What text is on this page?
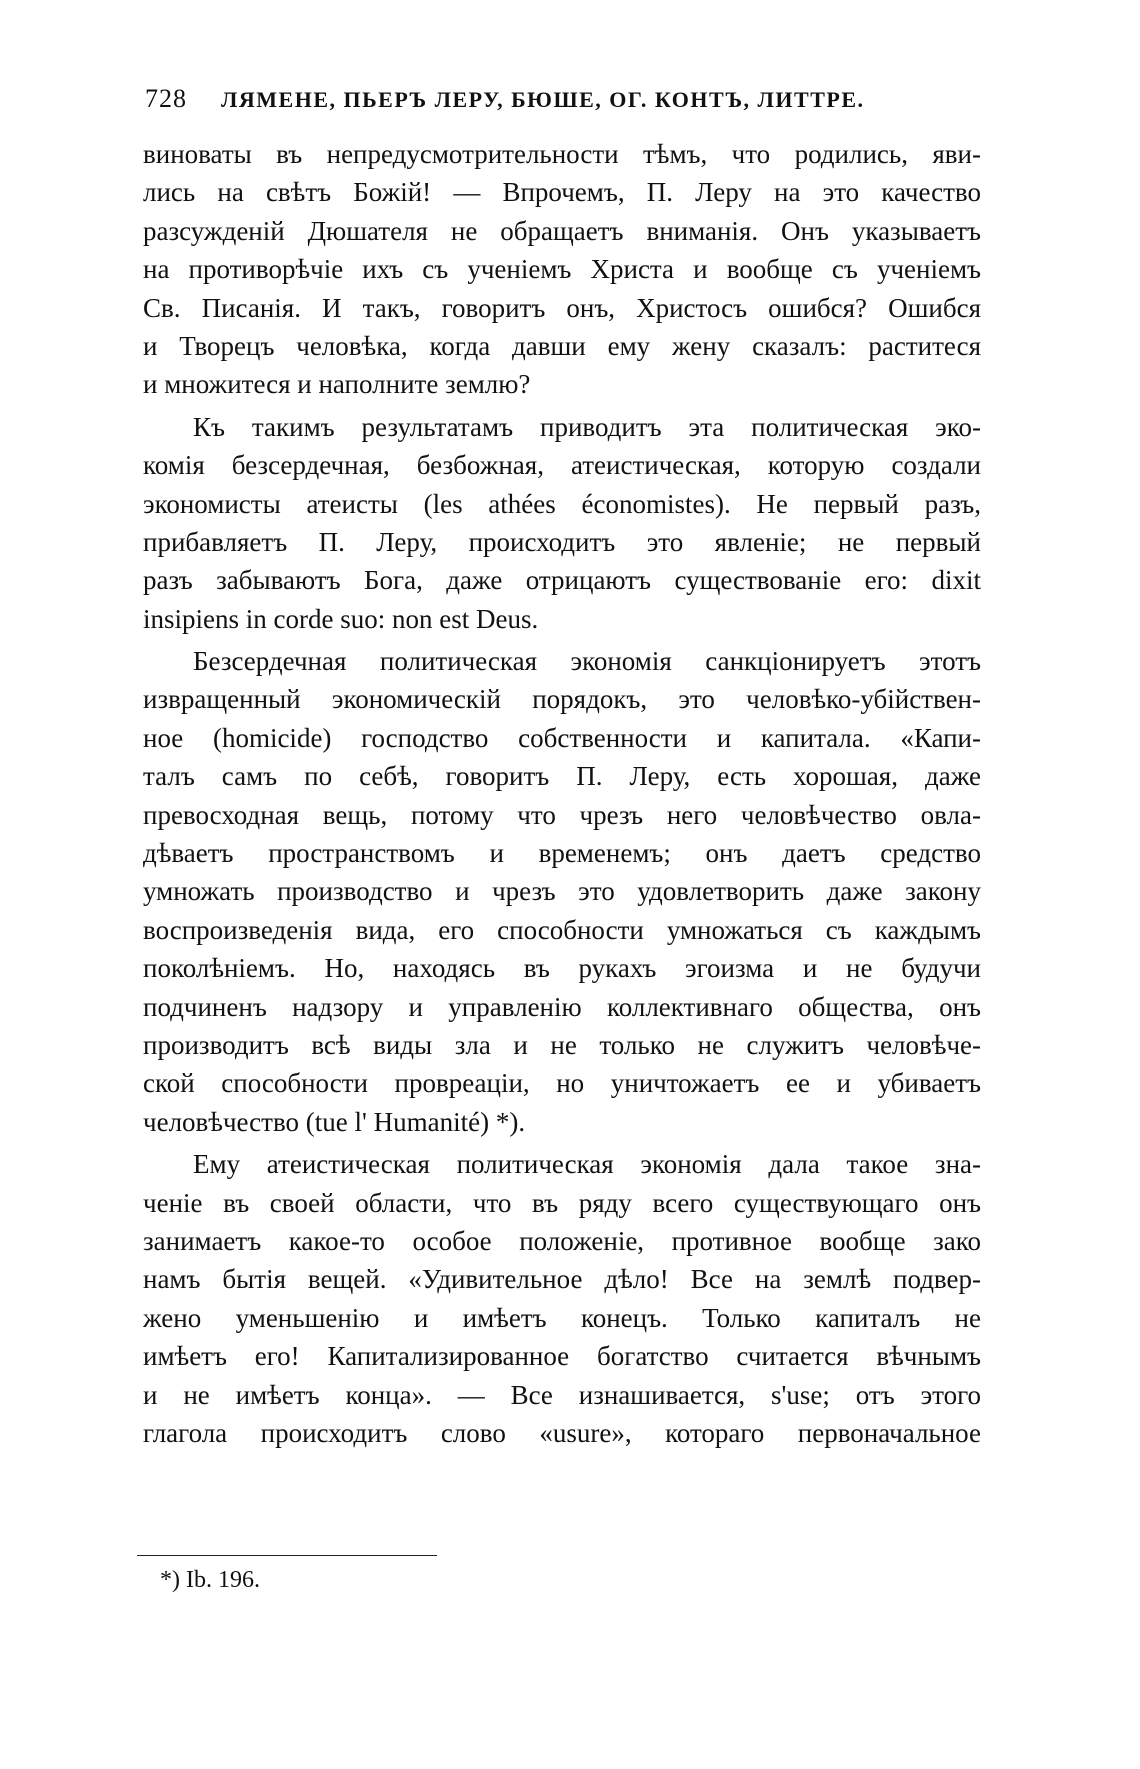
728 ЛЯМЕНЕ, ПЬЕРЪ ЛЕРУ, БЮШЕ, ОГ. КОНТЪ, ЛИТТРЕ.
виноваты въ непредусмотрительности тѣмъ, что родились, яви-
лись на свѣтъ Божій! — Впрочемъ, П. Леру на это качество
разсужденій Дюшателя не обращаетъ вниманія. Онъ указываетъ
на противорѣчіе ихъ съ ученіемъ Христа и вообще съ ученіемъ
Св. Писанія. И такъ, говоритъ онъ, Христосъ ошибся? Ошибся
и Творецъ человѣка, когда давши ему жену сказалъ: раститеся
и множитеся и наполните землю?
Къ такимъ результатамъ приводитъ эта политическая эко-
комія безсердечная, безбожная, атеистическая, которую создали
экономисты атеисты (les athées économistes). Не первый разъ,
прибавляетъ П. Леру, происходитъ это явленіе; не первый
разъ забываютъ Бога, даже отрицаютъ существованіе его: dixit
insipiens in corde suo: non est Deus.
Безсердечная политическая экономія санкціонируетъ этотъ
извращенный экономическій порядокъ, это человѣко-убійствен-
ное (homicide) господство собственности и капитала. «Капи-
талъ самъ по себѣ, говоритъ П. Леру, есть хорошая, даже
превосходная вещь, потому что чрезъ него человѣчество овла-
дѣваетъ пространствомъ и временемъ; онъ даетъ средство
умножать производство и чрезъ это удовлетворить даже закону
воспроизведенія вида, его способности умножаться съ каждымъ
поколѣніемъ. Но, находясь въ рукахъ эгоизма и не будучи
подчиненъ надзору и управленію коллективнаго общества, онъ
производитъ всѣ виды зла и не только не служитъ человѣче-
ской способности провреаціи, но уничтожаетъ ее и убиваетъ
человѣчество (tue l' Humanité) *).
Ему атеистическая политическая экономія дала такое зна-
ченіе въ своей области, что въ ряду всего существующаго онъ
занимаетъ какое-то особое положеніе, противное вообще зако
намъ бытія вещей. «Удивительное дѣло! Все на землѣ подвер-
жено уменьшенію и имѣетъ конецъ. Только капиталъ не
имѣетъ его! Капитализированное богатство считается вѣчнымъ
и не имѣетъ конца». — Все изнашивается, s'use; отъ этого
глагола происходитъ слово «usure», котораго первоначальное
*) Ib. 196.
